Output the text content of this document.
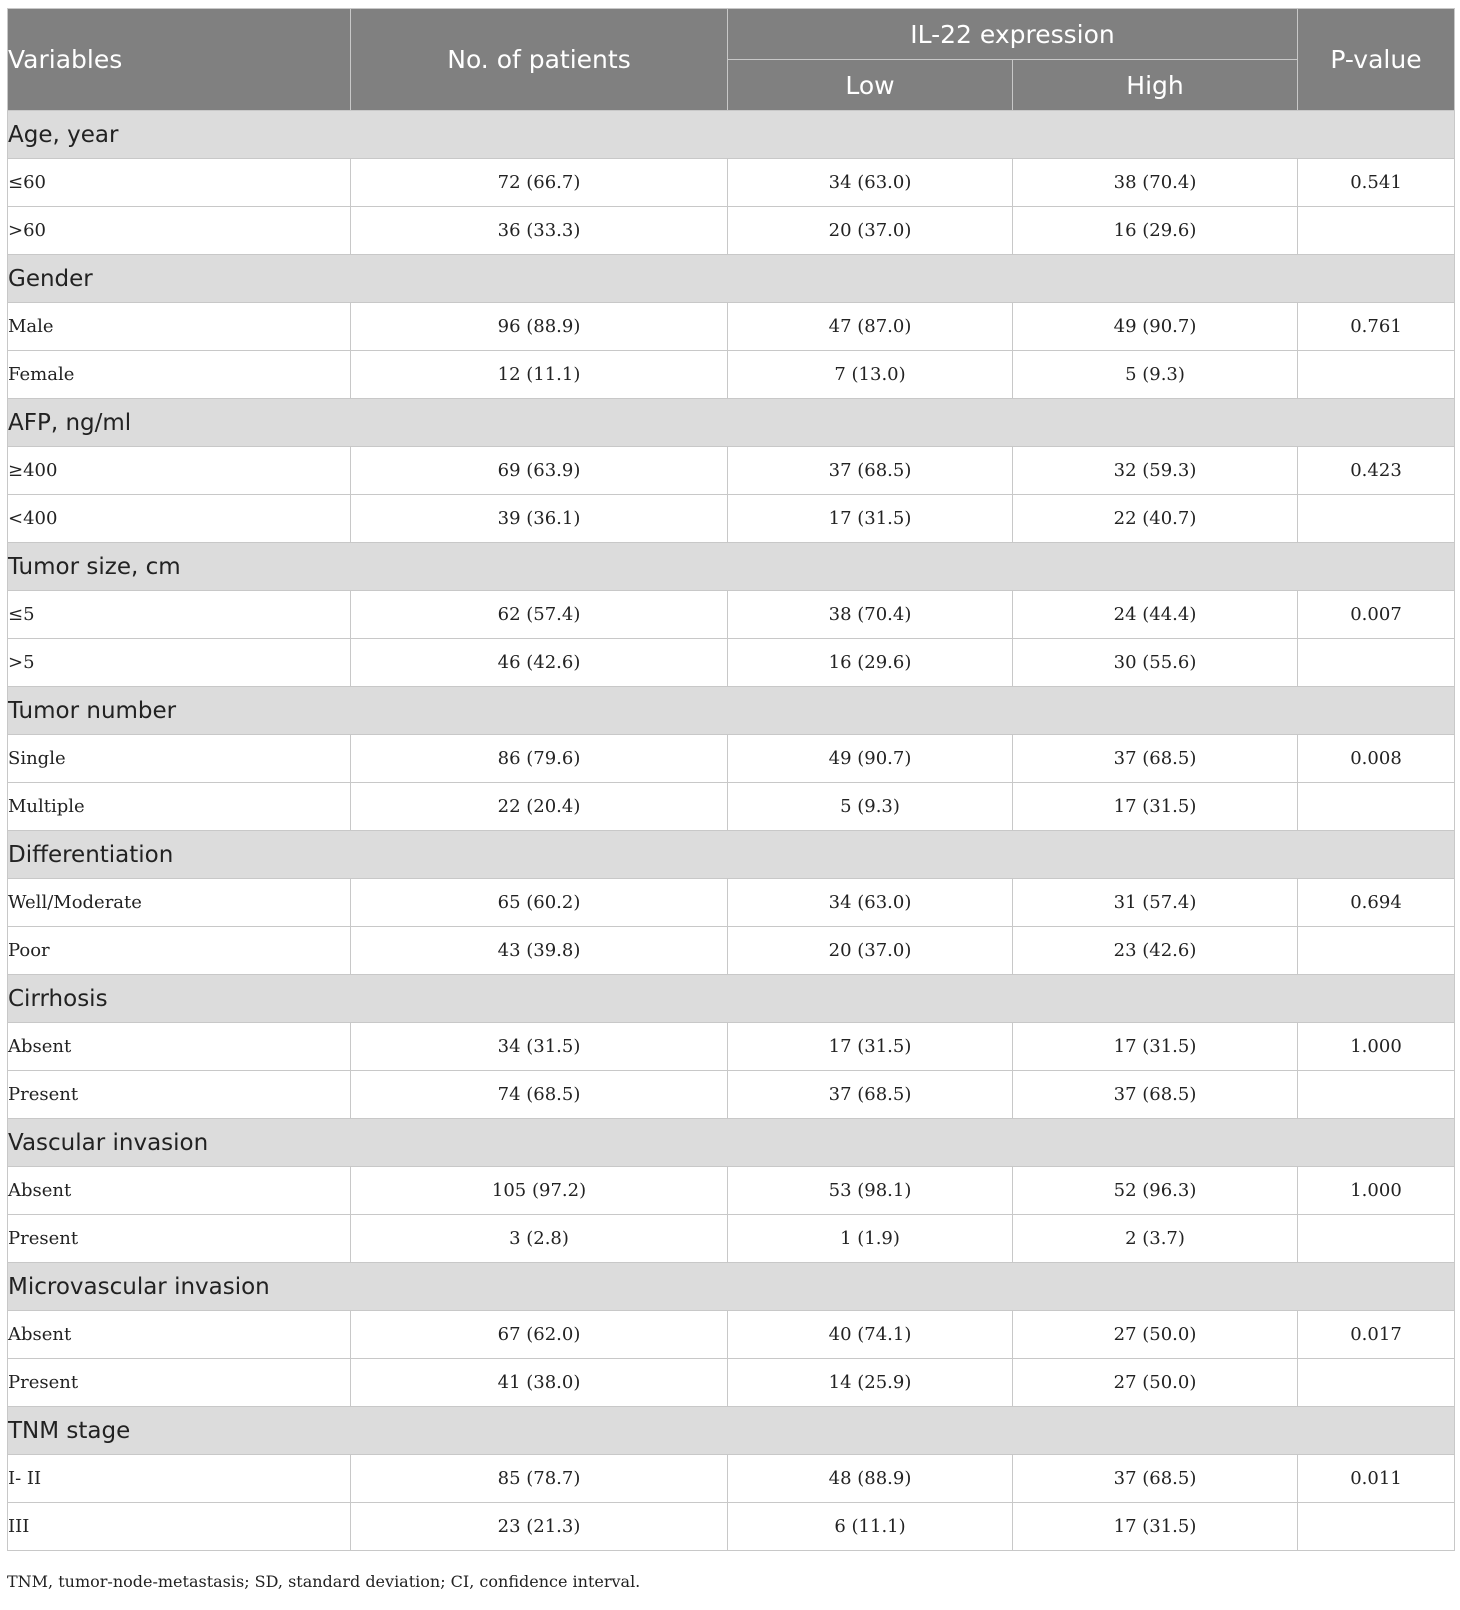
Variables	No. of patients	IL-22 expression		P-value
		Low	High	
Age, year				
≤60	72 (66.7)	34 (63.0)	38 (70.4)	0.541
>60	36 (33.3)	20 (37.0)	16 (29.6)	
Gender				
Male	96 (88.9)	47 (87.0)	49 (90.7)	0.761
Female	12 (11.1)	7 (13.0)	5 (9.3)	
AFP, ng/ml				
≥400	69 (63.9)	37 (68.5)	32 (59.3)	0.423
<400	39 (36.1)	17 (31.5)	22 (40.7)	
Tumor size, cm				
≤5	62 (57.4)	38 (70.4)	24 (44.4)	0.007
>5	46 (42.6)	16 (29.6)	30 (55.6)	
Tumor number				
Single	86 (79.6)	49 (90.7)	37 (68.5)	0.008
Multiple	22 (20.4)	5 (9.3)	17 (31.5)	
Differentiation				
Well/Moderate	65 (60.2)	34 (63.0)	31 (57.4)	0.694
Poor	43 (39.8)	20 (37.0)	23 (42.6)	
Cirrhosis				
Absent	34 (31.5)	17 (31.5)	17 (31.5)	1.000
Present	74 (68.5)	37 (68.5)	37 (68.5)	
Vascular invasion				
Absent	105 (97.2)	53 (98.1)	52 (96.3)	1.000
Present	3 (2.8)	1 (1.9)	2 (3.7)	
Microvascular invasion				
Absent	67 (62.0)	40 (74.1)	27 (50.0)	0.017
Present	41 (38.0)	14 (25.9)	27 (50.0)	
TNM stage				
I- II	85 (78.7)	48 (88.9)	37 (68.5)	0.011
III	23 (21.3)	6 (11.1)	17 (31.5)	
TNM, tumor-node-metastasis; SD, standard deviation; CI, confidence interval.
